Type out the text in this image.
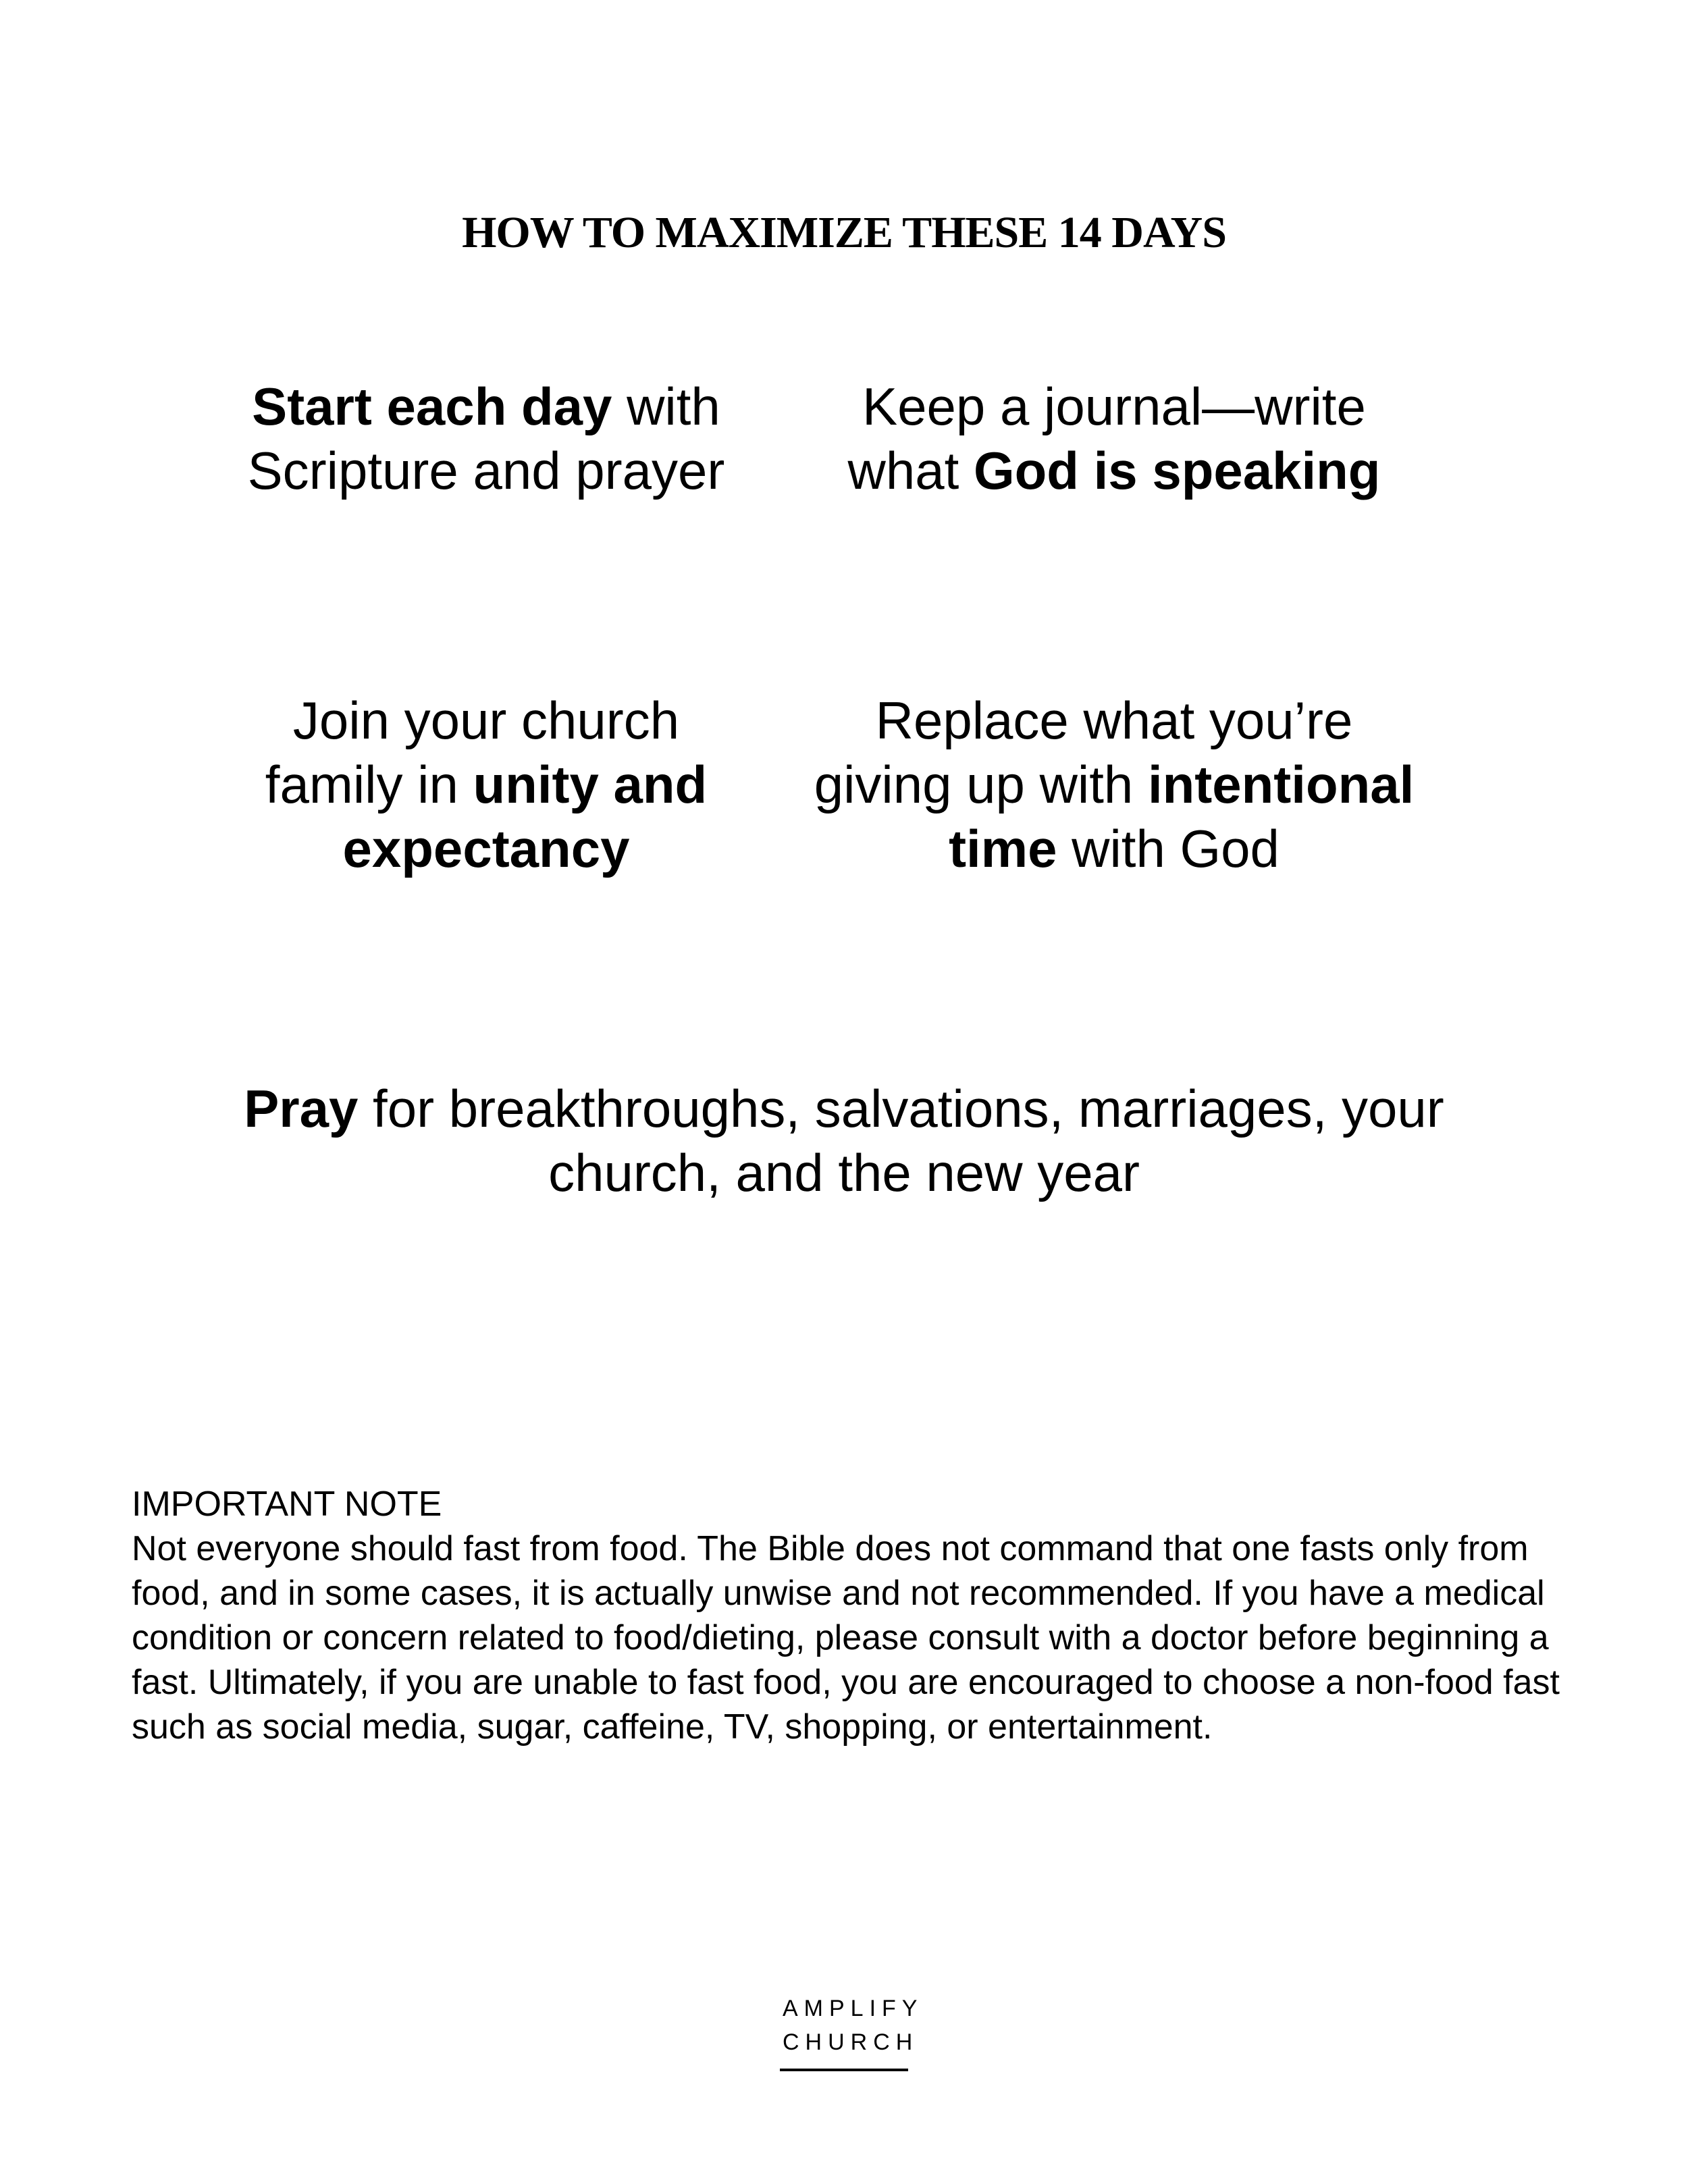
HOW TO MAXIMIZE THESE 14 DAYS

Start each day with Scripture and prayer

Keep a journal—write what God is speaking

Join your church family in unity and expectancy

Replace what you’re giving up with intentional time with God

Pray for breakthroughs, salvations, marriages, your church, and the new year

IMPORTANT NOTE

Not everyone should fast from food. The Bible does not command that one fasts only from food, and in some cases, it is actually unwise and not recommended. If you have a medical condition or concern related to food/dieting, please consult with a doctor before beginning a fast. Ultimately, if you are unable to fast food, you are encouraged to choose a non-food fast such as social media, sugar, caffeine, TV, shopping, or entertainment.

AMPLIFY
CHURCH
